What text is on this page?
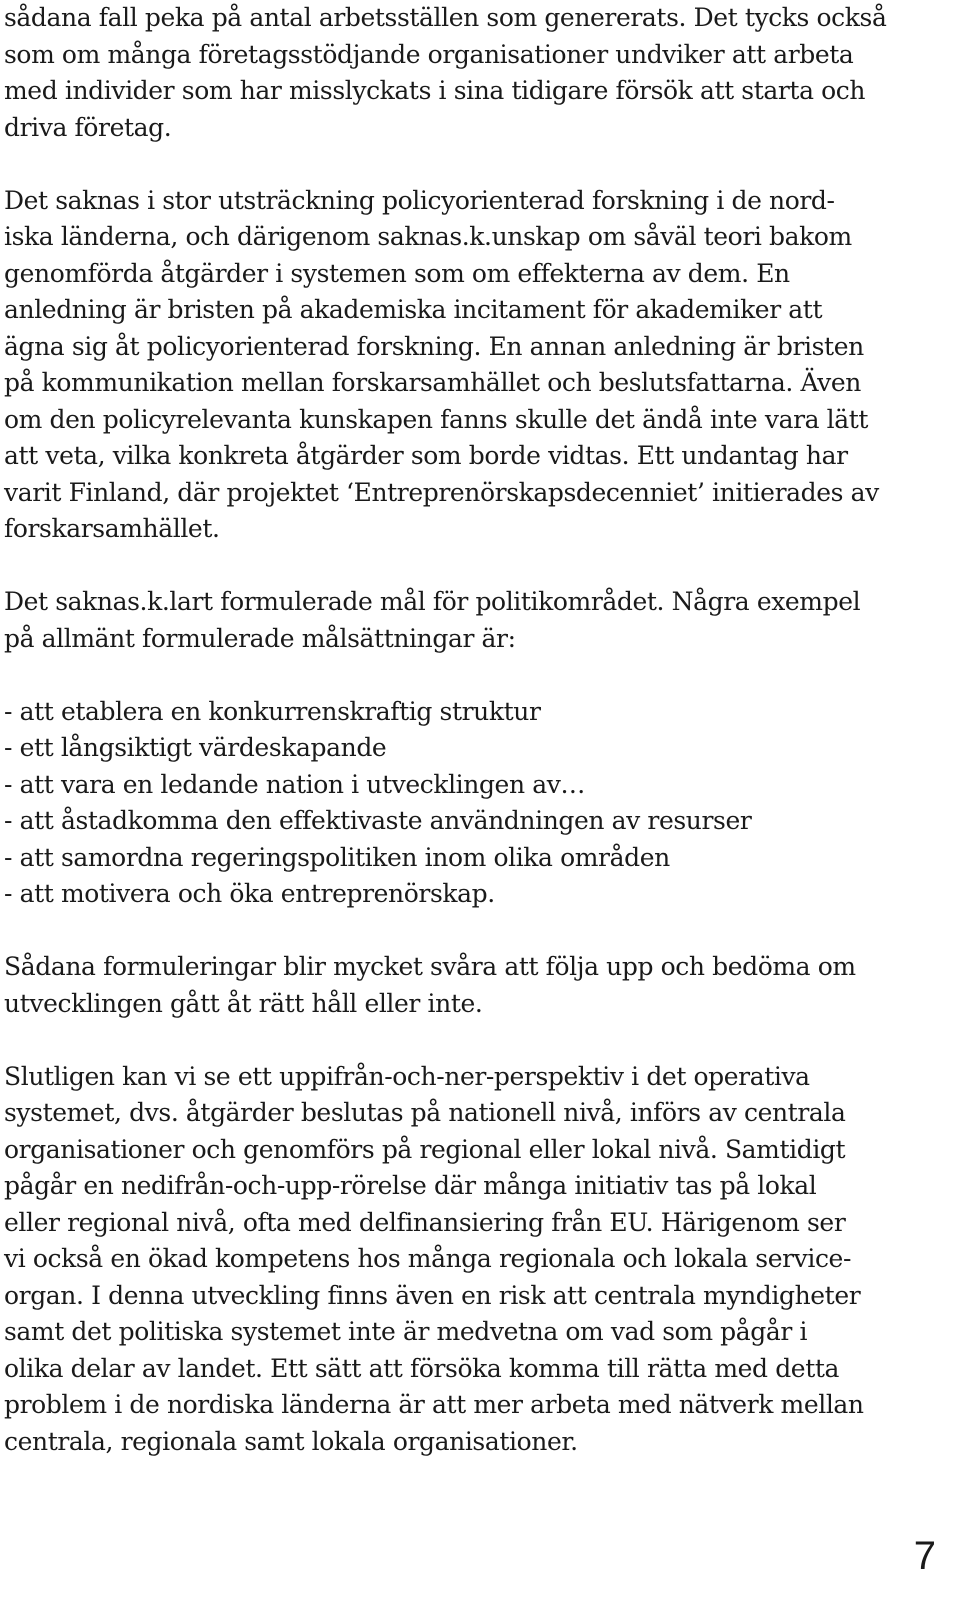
sådana fall peka på antal arbetsställen som genererats. Det tycks också
som om många företagsstödjande organisationer undviker att arbeta
med individer som har misslyckats i sina tidigare försök att starta och
driva företag.
Det saknas i stor utsträckning policyorienterad forskning i de nord-
iska länderna, och därigenom saknas.k.unskap om såväl teori bakom
genomförda åtgärder i systemen som om effekterna av dem. En
anledning är bristen på akademiska incitament för akademiker att
ägna sig åt policyorienterad forskning. En annan anledning är bristen
på kommunikation mellan forskarsamhället och beslutsfattarna. Även
om den policyrelevanta kunskapen fanns skulle det ändå inte vara lätt
att veta, vilka konkreta åtgärder som borde vidtas. Ett undantag har
varit Finland, där projektet ‘Entreprenörskapsdecenniet’ initierades av
forskarsamhället.
Det saknas.k.lart formulerade mål för politikområdet. Några exempel
på allmänt formulerade målsättningar är:
- att etablera en konkurrenskraftig struktur
- ett långsiktigt värdeskapande
- att vara en ledande nation i utvecklingen av…
- att åstadkomma den effektivaste användningen av resurser
- att samordna regeringspolitiken inom olika områden
- att motivera och öka entreprenörskap.
Sådana formuleringar blir mycket svåra att följa upp och bedöma om
utvecklingen gått åt rätt håll eller inte.
Slutligen kan vi se ett uppifrån-och-ner-perspektiv i det operativa
systemet, dvs. åtgärder beslutas på nationell nivå, införs av centrala
organisationer och genomförs på regional eller lokal nivå. Samtidigt
pågår en nedifrån-och-upp-rörelse där många initiativ tas på lokal
eller regional nivå, ofta med delfinansiering från EU. Härigenom ser
vi också en ökad kompetens hos många regionala och lokala service-
organ. I denna utveckling finns även en risk att centrala myndigheter
samt det politiska systemet inte är medvetna om vad som pågår i
olika delar av landet. Ett sätt att försöka komma till rätta med detta
problem i de nordiska länderna är att mer arbeta med nätverk mellan
centrala, regionala samt lokala organisationer.
7
